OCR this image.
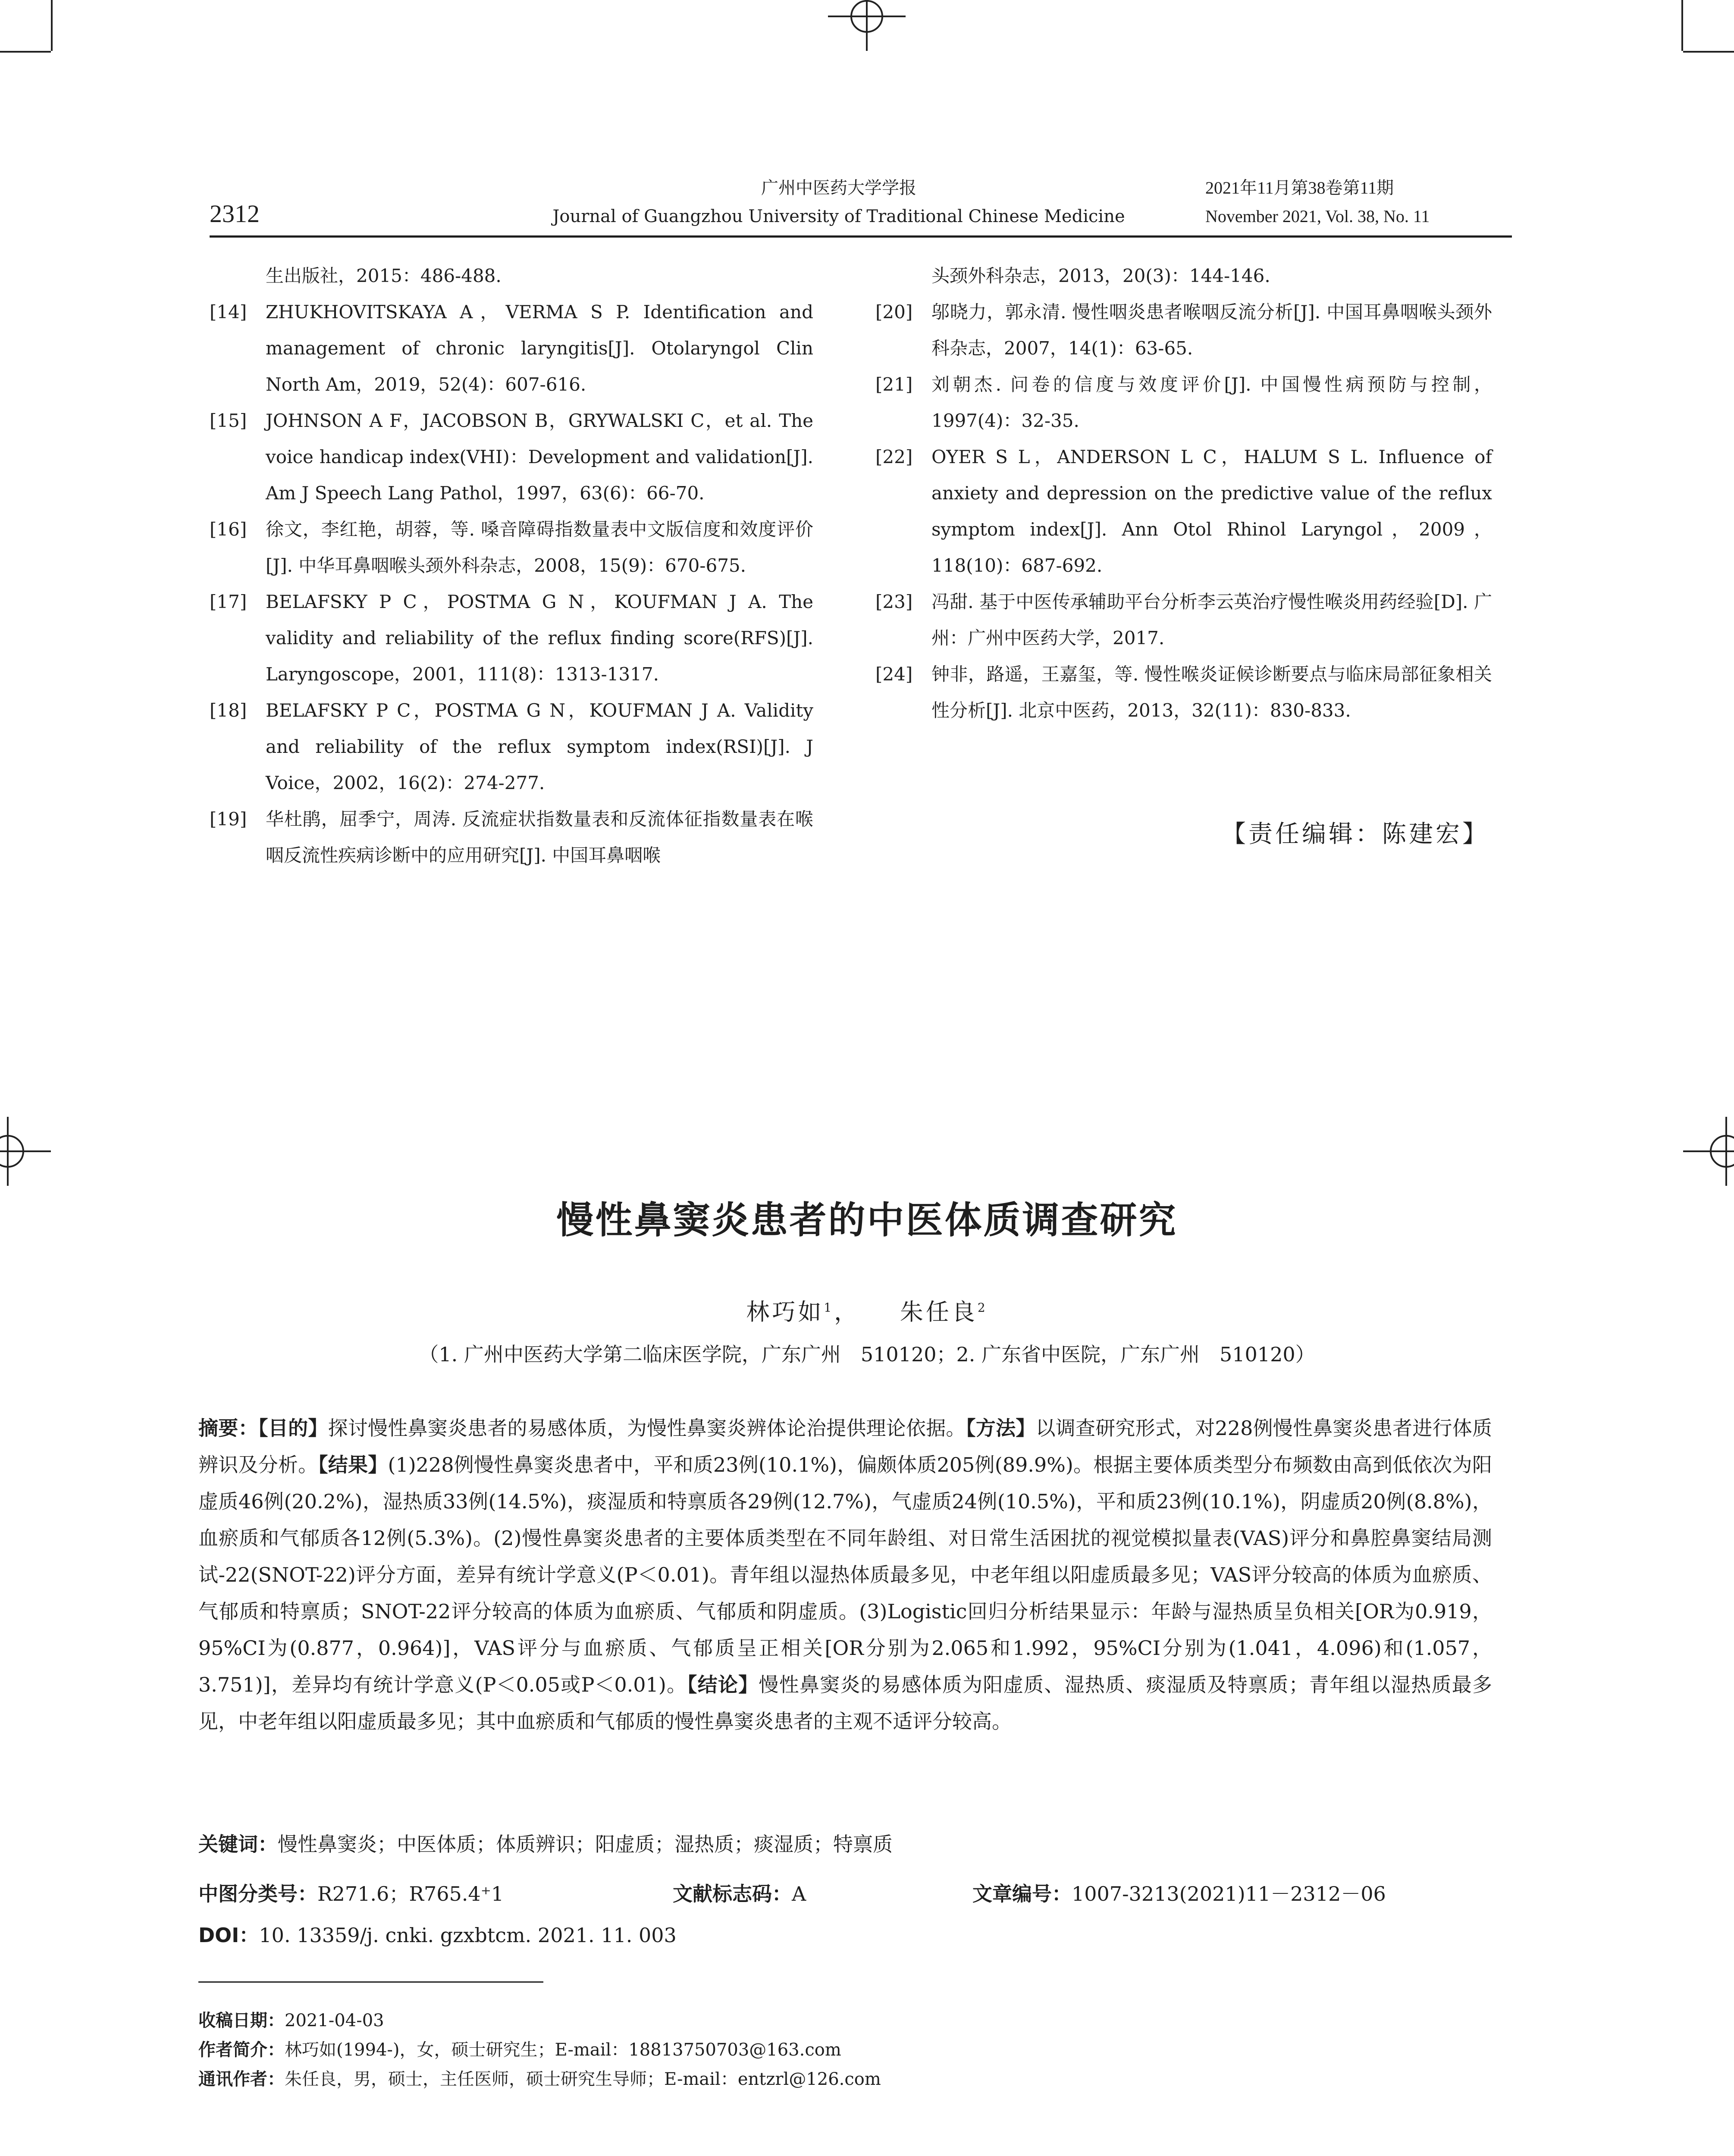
2312
广州中医药大学学报
Journal of Guangzhou University of Traditional Chinese Medicine
2021年11月第38卷第11期
November 2021, Vol. 38, No. 11
生出版社，2015：486-488.
[14] ZHUKHOVITSKAYA A，VERMA S P. Identification and management of chronic laryngitis[J]. Otolaryngol Clin North Am，2019，52(4)：607-616.
[15] JOHNSON A F，JACOBSON B，GRYWALSKI C，et al. The voice handicap index(VHI)：Development and validation[J]. Am J Speech Lang Pathol，1997，63(6)：66-70.
[16] 徐文，李红艳，胡蓉，等. 嗓音障碍指数量表中文版信度和效度评价[J]. 中华耳鼻咽喉头颈外科杂志，2008，15(9)：670-675.
[17] BELAFSKY P C，POSTMA G N，KOUFMAN J A. The validity and reliability of the reflux finding score(RFS)[J]. Laryngoscope，2001，111(8)：1313-1317.
[18] BELAFSKY P C，POSTMA G N，KOUFMAN J A. Validity and reliability of the reflux symptom index(RSI)[J]. J Voice，2002，16(2)：274-277.
[19] 华杜鹃，屈季宁，周涛. 反流症状指数量表和反流体征指数量表在喉咽反流性疾病诊断中的应用研究[J]. 中国耳鼻咽喉
头颈外科杂志，2013，20(3)：144-146.
[20] 邬晓力，郭永清. 慢性咽炎患者喉咽反流分析[J]. 中国耳鼻咽喉头颈外科杂志，2007，14(1)：63-65.
[21] 刘朝杰. 问卷的信度与效度评价[J]. 中国慢性病预防与控制，1997(4)：32-35.
[22] OYER S L，ANDERSON L C，HALUM S L. Influence of anxiety and depression on the predictive value of the reflux symptom index[J]. Ann Otol Rhinol Laryngol，2009，118(10)：687-692.
[23] 冯甜. 基于中医传承辅助平台分析李云英治疗慢性喉炎用药经验[D]. 广州：广州中医药大学，2017.
[24] 钟非，路遥，王嘉玺，等. 慢性喉炎证候诊断要点与临床局部征象相关性分析[J]. 北京中医药，2013，32(11)：830-833.
【责任编辑：陈建宏】
慢性鼻窦炎患者的中医体质调查研究
林巧如$^1$，    朱任良$^2$
（1. 广州中医药大学第二临床医学院，广东广州　510120；2. 广东省中医院，广东广州　510120）
摘要：【目的】探讨慢性鼻窦炎患者的易感体质，为慢性鼻窦炎辨体论治提供理论依据。【方法】以调查研究形式，对228例慢性鼻窦炎患者进行体质辨识及分析。【结果】(1)228例慢性鼻窦炎患者中，平和质23例(10.1%)，偏颇体质205例(89.9%)。根据主要体质类型分布频数由高到低依次为阳虚质46例(20.2%)，湿热质33例(14.5%)，痰湿质和特禀质各29例(12.7%)，气虚质24例(10.5%)，平和质23例(10.1%)，阴虚质20例(8.8%)，血瘀质和气郁质各12例(5.3%)。(2)慢性鼻窦炎患者的主要体质类型在不同年龄组、对日常生活困扰的视觉模拟量表(VAS)评分和鼻腔鼻窦结局测试-22(SNOT-22)评分方面，差异有统计学意义(P＜0.01)。青年组以湿热体质最多见，中老年组以阳虚质最多见；VAS评分较高的体质为血瘀质、气郁质和特禀质；SNOT-22评分较高的体质为血瘀质、气郁质和阴虚质。(3)Logistic回归分析结果显示：年龄与湿热质呈负相关[OR为0.919，95%CI为(0.877，0.964)]，VAS评分与血瘀质、气郁质呈正相关[OR分别为2.065和1.992，95%CI分别为(1.041，4.096)和(1.057，3.751)]，差异均有统计学意义(P＜0.05或P＜0.01)。【结论】慢性鼻窦炎的易感体质为阳虚质、湿热质、痰湿质及特禀质；青年组以湿热质最多见，中老年组以阳虚质最多见；其中血瘀质和气郁质的慢性鼻窦炎患者的主观不适评分较高。
关键词：慢性鼻窦炎；中医体质；体质辨识；阳虚质；湿热质；痰湿质；特禀质
中图分类号：R271.6；R765.4⁺1	文献标志码：A	文章编号：1007-3213(2021)11－2312－06
DOI：10. 13359/j. cnki. gzxbtcm. 2021. 11. 003
收稿日期：2021-04-03
作者简介：林巧如(1994-)，女，硕士研究生；E-mail：18813750703@163.com
通讯作者：朱任良，男，硕士，主任医师，硕士研究生导师；E-mail：entzrl@126.com
